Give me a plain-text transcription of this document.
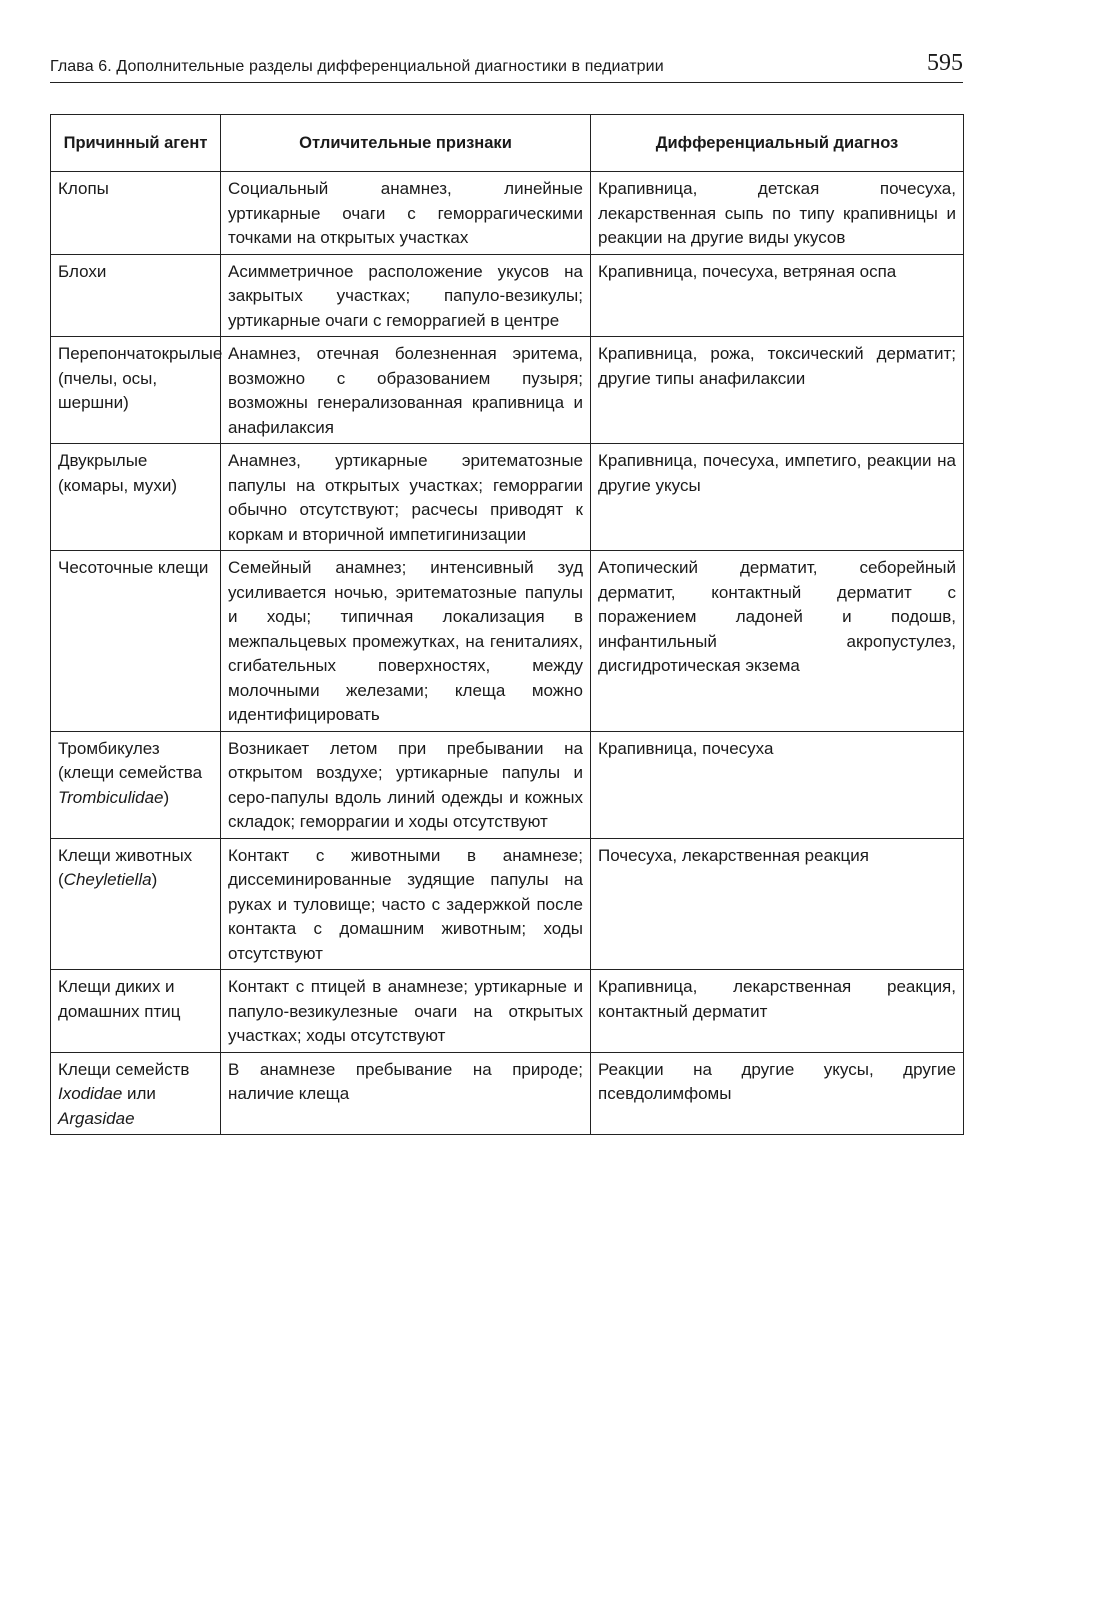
Глава 6. Дополнительные разделы дифференциальной диагностики в педиатрии	595
Причинный агент	Отличительные признаки	Дифференциальный диагноз
Клопы	Социальный анамнез, линейные уртикарные очаги с геморрагическими точками на открытых участках	Крапивница, детская почесуха, лекарственная сыпь по типу крапивницы и реакции на другие виды укусов
Блохи	Асимметричное расположение укусов на закрытых участках; папуло-везикулы; уртикарные очаги с геморрагией в центре	Крапивница, почесуха, ветряная оспа
Перепончатокрылые (пчелы, осы, шершни)	Анамнез, отечная болезненная эритема, возможно с образованием пузыря; возможны генерализованная крапивница и анафилаксия	Крапивница, рожа, токсический дерматит; другие типы анафилаксии
Двукрылые (комары, мухи)	Анамнез, уртикарные эритематозные папулы на открытых участках; геморрагии обычно отсутствуют; расчесы приводят к коркам и вторичной импетигинизации	Крапивница, почесуха, импетиго, реакции на другие укусы
Чесоточные клещи	Семейный анамнез; интенсивный зуд усиливается ночью, эритематозные папулы и ходы; типичная локализация в межпальцевых промежутках, на гениталиях, сгибательных поверхностях, между молочными железами; клеща можно идентифицировать	Атопический дерматит, себорейный дерматит, контактный дерматит с поражением ладоней и подошв, инфантильный акропустулез, дисгидротическая экзема
Тромбикулез (клещи семейства Trombiculidae)	Возникает летом при пребывании на открытом воздухе; уртикарные папулы и серо-папулы вдоль линий одежды и кожных складок; геморрагии и ходы отсутствуют	Крапивница, почесуха
Клещи животных (Cheyletiella)	Контакт с животными в анамнезе; диссеминированные зудящие папулы на руках и туловище; часто с задержкой после контакта с домашним животным; ходы отсутствуют	Почесуха, лекарственная реакция
Клещи диких и домашних птиц	Контакт с птицей в анамнезе; уртикарные и папуло-везикулезные очаги на открытых участках; ходы отсутствуют	Крапивница, лекарственная реакция, контактный дерматит
Клещи семейств Ixodidae или Argasidae	В анамнезе пребывание на природе; наличие клеща	Реакции на другие укусы, другие псевдолимфомы
